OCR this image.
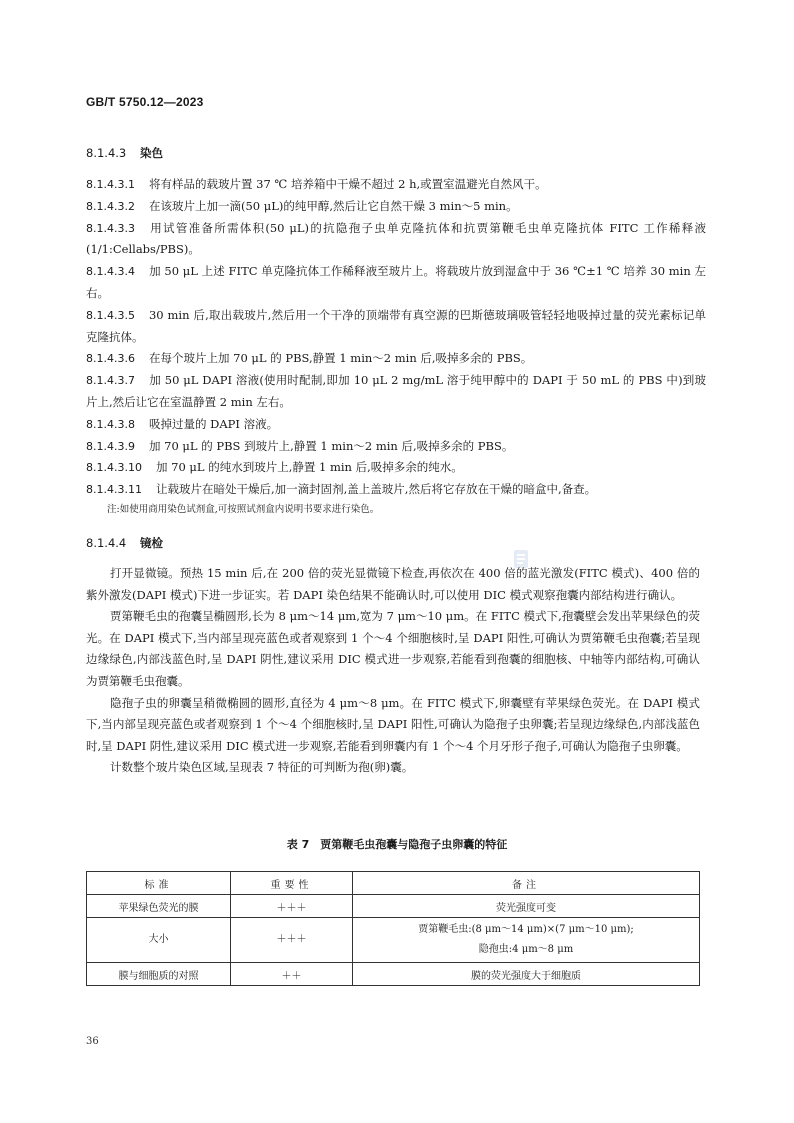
GB/T 5750.12—2023
8.1.4.3 染色
8.1.4.3.1 将有样品的载玻片置 37 ℃ 培养箱中干燥不超过 2 h,或置室温避光自然风干。
8.1.4.3.2 在该玻片上加一滴(50 μL)的纯甲醇,然后让它自然干燥 3 min～5 min。
8.1.4.3.3 用试管准备所需体积(50 μL)的抗隐孢子虫单克隆抗体和抗贾第鞭毛虫单克隆抗体 FITC 工作稀释液(1/1:Cellabs/PBS)。
8.1.4.3.4 加 50 μL 上述 FITC 单克隆抗体工作稀释液至玻片上。将载玻片放到湿盒中于 36 ℃±1 ℃ 培养 30 min 左右。
8.1.4.3.5 30 min 后,取出载玻片,然后用一个干净的顶端带有真空源的巴斯德玻璃吸管轻轻地吸掉过量的荧光素标记单克隆抗体。
8.1.4.3.6 在每个玻片上加 70 μL 的 PBS,静置 1 min～2 min 后,吸掉多余的 PBS。
8.1.4.3.7 加 50 μL DAPI 溶液(使用时配制,即加 10 μL 2 mg/mL 溶于纯甲醇中的 DAPI 于 50 mL 的 PBS 中)到玻片上,然后让它在室温静置 2 min 左右。
8.1.4.3.8 吸掉过量的 DAPI 溶液。
8.1.4.3.9 加 70 μL 的 PBS 到玻片上,静置 1 min～2 min 后,吸掉多余的 PBS。
8.1.4.3.10 加 70 μL 的纯水到玻片上,静置 1 min 后,吸掉多余的纯水。
8.1.4.3.11 让载玻片在暗处干燥后,加一滴封固剂,盖上盖玻片,然后将它存放在干燥的暗盒中,备查。
注:如使用商用染色试剂盒,可按照试剂盒内说明书要求进行染色。
8.1.4.4 镜检

打开显微镜。预热 15 min 后,在 200 倍的荧光显微镜下检查,再依次在 400 倍的蓝光激发(FITC 模式)、400 倍的紫外激发(DAPI 模式)下进一步证实。若 DAPI 染色结果不能确认时,可以使用 DIC 模式观察孢囊内部结构进行确认。

贾第鞭毛虫的孢囊呈椭圆形,长为 8 μm～14 μm,宽为 7 μm～10 μm。在 FITC 模式下,孢囊壁会发出苹果绿色的荧光。在 DAPI 模式下,当内部呈现亮蓝色或者观察到 1 个～4 个细胞核时,呈 DAPI 阳性,可确认为贾第鞭毛虫孢囊;若呈现边缘绿色,内部浅蓝色时,呈 DAPI 阴性,建议采用 DIC 模式进一步观察,若能看到孢囊的细胞核、中轴等内部结构,可确认为贾第鞭毛虫孢囊。

隐孢子虫的卵囊呈稍微椭圆的圆形,直径为 4 μm～8 μm。在 FITC 模式下,卵囊壁有苹果绿色荧光。在 DAPI 模式下,当内部呈现亮蓝色或者观察到 1 个～4 个细胞核时,呈 DAPI 阳性,可确认为隐孢子虫卵囊;若呈现边缘绿色,内部浅蓝色时,呈 DAPI 阴性,建议采用 DIC 模式进一步观察,若能看到卵囊内有 1 个～4 个月牙形子孢子,可确认为隐孢子虫卵囊。

计数整个玻片染色区域,呈现表 7 特征的可判断为孢(卵)囊。

表 7　贾第鞭毛虫孢囊与隐孢子虫卵囊的特征
标准	重要性	备注
苹果绿色荧光的膜	＋＋＋	荧光强度可变
大小	＋＋＋	贾第鞭毛虫:(8 μm～14 μm)×(7 μm～10 μm);
隐孢虫:4 μm～8 μm

膜与细胞质的对照	＋＋	膜的荧光强度大于细胞质
36
